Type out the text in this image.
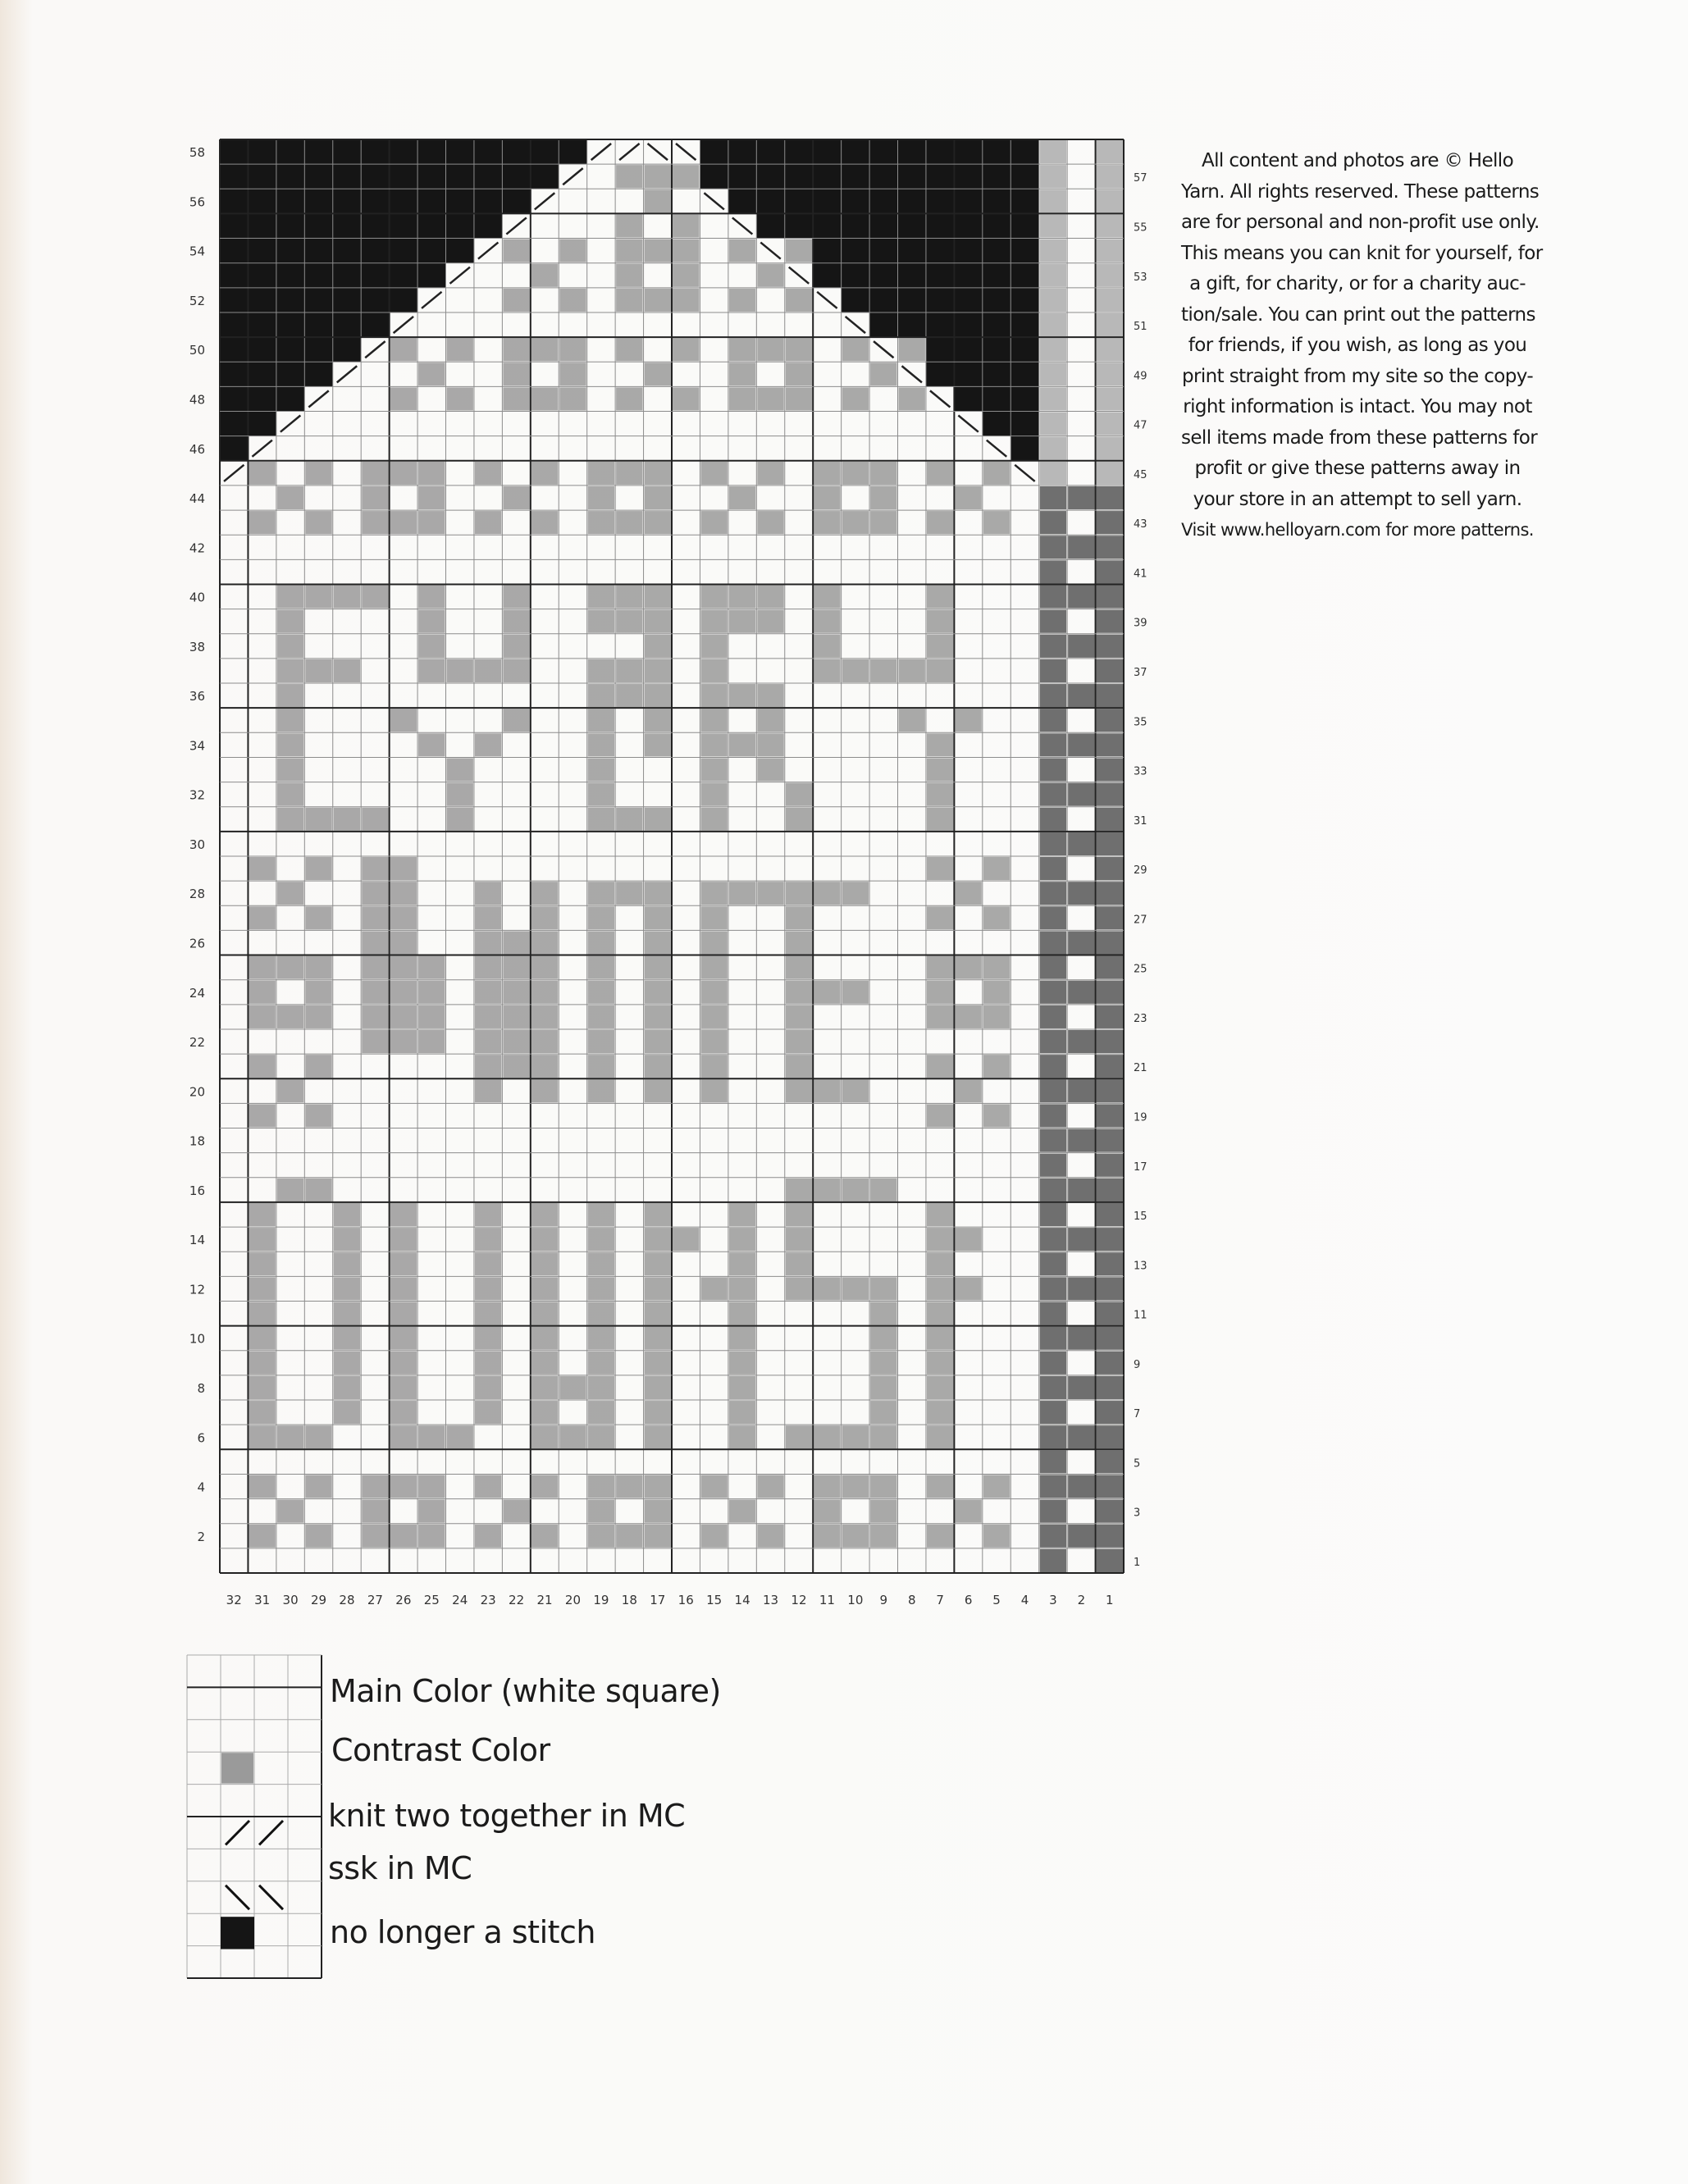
32 31 30 29 28 27 26 25 24 23 22 21 20 19 18 17 16 15 14 13 12 11 10 9 8 7 6 5 4 3 2 1
58
56
54
52
50
48
46
44
42
40
38
36
34
32
30
28
26
24
22
20
18
16
14
12
10
8
6
4
2
57
55
53
51
49
47
45
43
41
39
37
35
33
31
29
27
25
23
21
19
17
15
13
11
9
7
5
3
1
All content and photos are © Hello
Yarn. All rights reserved. These patterns
are for personal and non-profit use only.
This means you can knit for yourself, for
a gift, for charity, or for a charity auc-
tion/sale. You can print out the patterns
for friends, if you wish, as long as you
print straight from my site so the copy-
right information is intact. You may not
sell items made from these patterns for
profit or give these patterns away in
your store in an attempt to sell yarn.
Visit www.helloyarn.com for more patterns.
Main Color (white square)
Contrast Color
knit two together in MC
ssk in MC
no longer a stitch
